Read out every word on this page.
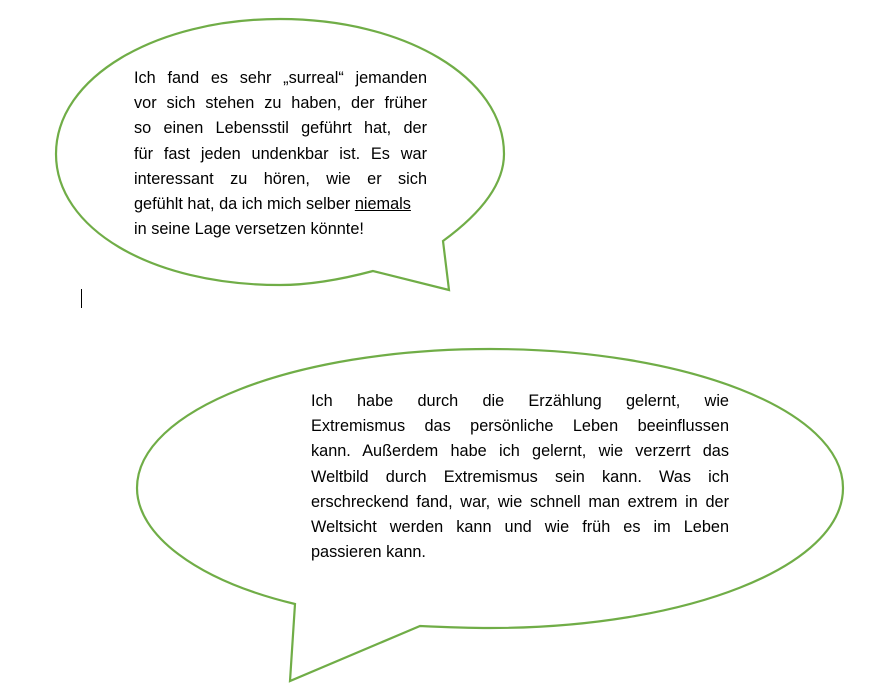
Ich fand es sehr „surreal“ jemanden
vor sich stehen zu haben, der früher
so einen Lebensstil geführt hat, der
für fast jeden undenkbar ist. Es war
interessant zu hören, wie er sich
gefühlt hat, da ich mich selber niemals
in seine Lage versetzen könnte!
Ich habe durch die Erzählung gelernt, wie
Extremismus das persönliche Leben beeinflussen
kann. Außerdem habe ich gelernt, wie verzerrt das
Weltbild durch Extremismus sein kann. Was ich
erschreckend fand, war, wie schnell man extrem in der
Weltsicht werden kann und wie früh es im Leben
passieren kann.
